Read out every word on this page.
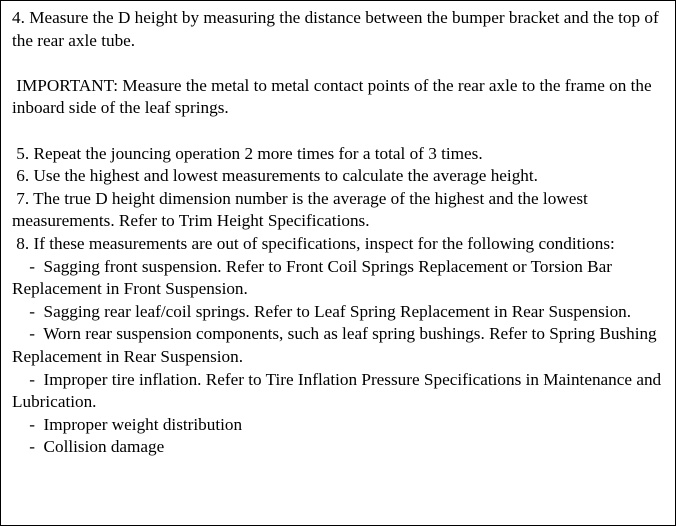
4. Measure the D height by measuring the distance between the bumper bracket and the top of the rear axle tube.

IMPORTANT: Measure the metal to metal contact points of the rear axle to the frame on the inboard side of the leaf springs.

5. Repeat the jouncing operation 2 more times for a total of 3 times.

6. Use the highest and lowest measurements to calculate the average height.

7. The true D height dimension number is the average of the highest and the lowest measurements. Refer to Trim Height Specifications.

8. If these measurements are out of specifications, inspect for the following conditions:

-  Sagging front suspension. Refer to Front Coil Springs Replacement or Torsion Bar Replacement in Front Suspension.

-  Sagging rear leaf/coil springs. Refer to Leaf Spring Replacement in Rear Suspension.

-  Worn rear suspension components, such as leaf spring bushings. Refer to Spring Bushing Replacement in Rear Suspension.

-  Improper tire inflation. Refer to Tire Inflation Pressure Specifications in Maintenance and Lubrication.

-  Improper weight distribution

-  Collision damage
